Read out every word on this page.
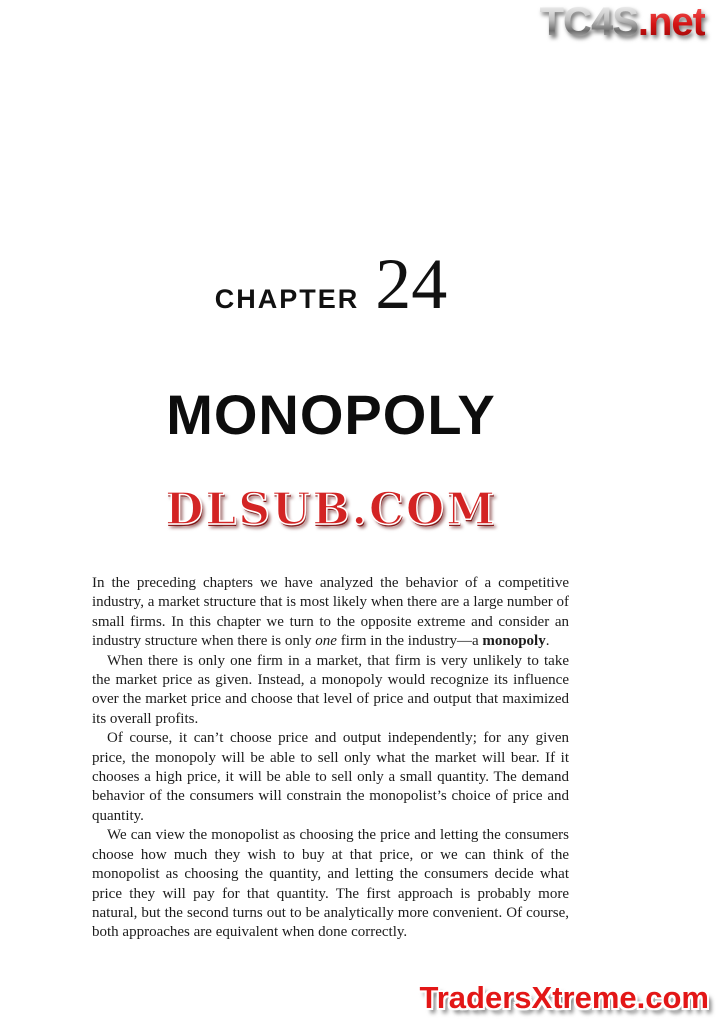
TC4S.net
CHAPTER 24
MONOPOLY
DLSUB.COM

In the preceding chapters we have analyzed the behavior of a competitive industry, a market structure that is most likely when there are a large number of small firms. In this chapter we turn to the opposite extreme and consider an industry structure when there is only one firm in the industry—a monopoly.

When there is only one firm in a market, that firm is very unlikely to take the market price as given. Instead, a monopoly would recognize its influence over the market price and choose that level of price and output that maximized its overall profits.

Of course, it can’t choose price and output independently; for any given price, the monopoly will be able to sell only what the market will bear. If it chooses a high price, it will be able to sell only a small quantity. The demand behavior of the consumers will constrain the monopolist’s choice of price and quantity.

We can view the monopolist as choosing the price and letting the consumers choose how much they wish to buy at that price, or we can think of the monopolist as choosing the quantity, and letting the consumers decide what price they will pay for that quantity. The first approach is probably more natural, but the second turns out to be analytically more convenient. Of course, both approaches are equivalent when done correctly.

TradersXtreme.com
